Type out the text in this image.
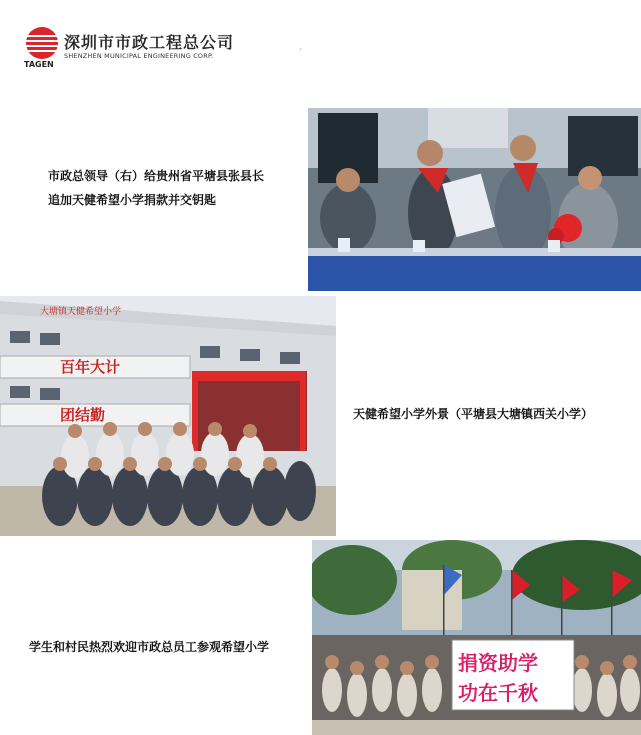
深圳市市政工程总公司
SHENZHEN MUNICIPAL ENGINEERING CORP.
TAGEN
`
市政总领导（右）给贵州省平塘县张县长
追加天健希望小学捐款并交钥匙
大塘镇天健希望小学
百年大计
团结勤	天健希望小学外景（平塘县大塘镇西关小学）
捐资助学
功在千秋
学生和村民热烈欢迎市政总员工参观希望小学
